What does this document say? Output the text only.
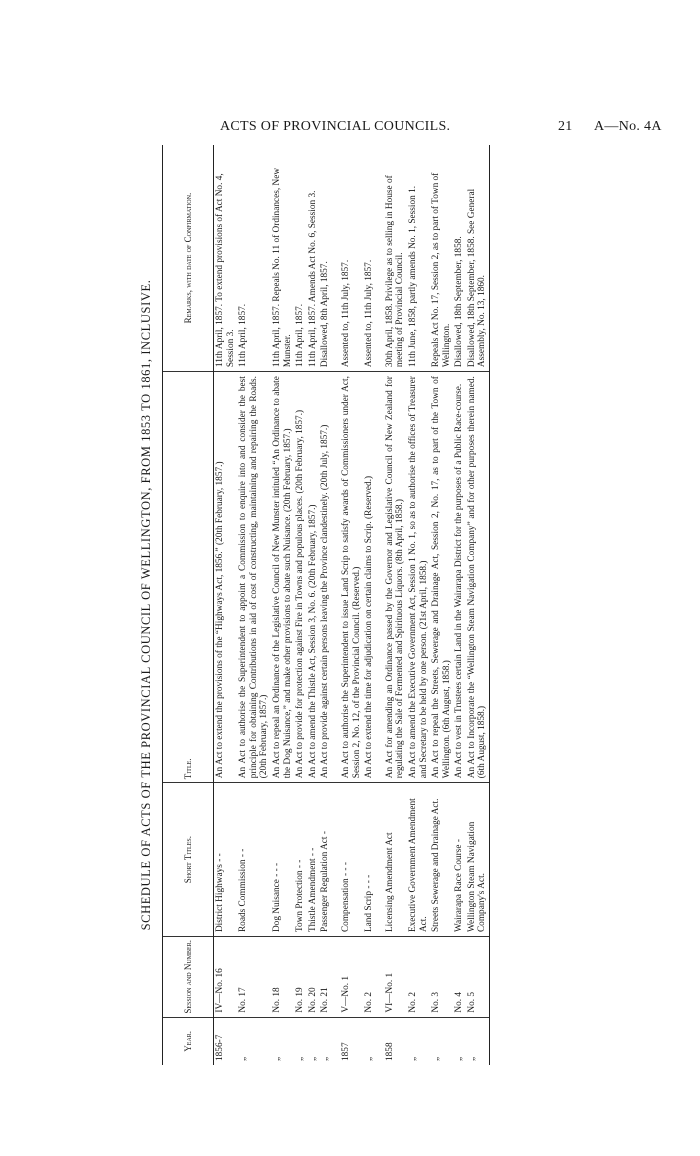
ACTS OF PROVINCIAL COUNCILS.	21 A—No. 4A
SCHEDULE OF ACTS OF THE PROVINCIAL COUNCIL OF WELLINGTON, FROM 1853 TO 1861, INCLUSIVE.
Year.	Session and Number.	Short Titles.	Title.	Remarks, with date of Confirmation.
1856-7	IV—No. 16	District Highways - -	An Act to extend the provisions of the “Highways Act, 1856.” (20th February, 1857.)	11th April, 1857. To extend provisions of Act No. 4, Session 3.
„	No. 17	Roads Commission - -	An Act to authorise the Superintendent to appoint a Commission to enquire into and consider the best principle for obtaining Contributions in aid of cost of constructing, maintaining and repairing the Roads. (20th February, 1857.)	11th April, 1857.
„	No. 18	Dog Nuisance - - -	An Act to repeal an Ordinance of the Legislative Council of New Munster intituled “An Ordinance to abate the Dog Nuisance,” and make other provisions to abate such Nuisance. (20th February, 1857.)	11th April, 1857. Repeals No. 11 of Ordinances, New Munster.
„	No. 19	Town Protection - -	An Act to provide for protection against Fire in Towns and populous places. (20th February, 1857.)	11th April, 1857.
„	No. 20	Thistle Amendment - -	An Act to amend the Thistle Act, Session 3, No. 6. (20th February, 1857.)	11th April, 1857. Amends Act No. 6, Session 3.
„	No. 21	Passenger Regulation Act -	An Act to provide against certain persons leaving the Province clandestinely. (20th July, 1857.)	Disallowed, 8th April, 1857.
1857	V—No. 1	Compensation - - -	An Act to authorise the Superintendent to issue Land Scrip to satisfy awards of Commissioners under Act, Session 2, No. 12, of the Provincial Council. (Reserved.)	Assented to, 11th July, 1857.
„	No. 2	Land Scrip - - -	An Act to extend the time for adjudication on certain claims to Scrip. (Reserved.)	Assented to, 11th July, 1857.
1858	VI—No. 1	Licensing Amendment Act	An Act for amending an Ordinance passed by the Governor and Legislative Council of New Zealand for regulating the Sale of Fermented and Spirituous Liquors. (8th April, 1858.)	30th April, 1858. Privilege as to selling in House of meeting of Provincial Council.
„	No. 2	Executive Government Amendment Act.	An Act to amend the Executive Government Act, Session 1 No. 1, so as to authorise the offices of Treasurer and Secretary to be held by one person. (21st April, 1858.)	11th June, 1858, partly amends No. 1, Session 1.
„	No. 3	Streets Sewerage and Drainage Act.	An Act to repeal the Streets, Sewerage and Drainage Act, Session 2, No. 17, as to part of the Town of Wellington. (6th August, 1858.)	Repeals Act No. 17, Session 2, as to part of Town of Wellington.
„	No. 4	Wairarapa Race Course -	An Act to vest in Trustees certain Land in the Wairarapa District for the purposes of a Public Race-course.	Disallowed, 18th September, 1858.
„	No. 5	Wellington Steam Navigation Company's Act.	An Act to Incorporate the “Wellington Steam Navigation Company” and for other purposes therein named. (6th August, 1858.)	Disallowed, 18th September, 1858. See General Assembly, No. 13, 1860.
